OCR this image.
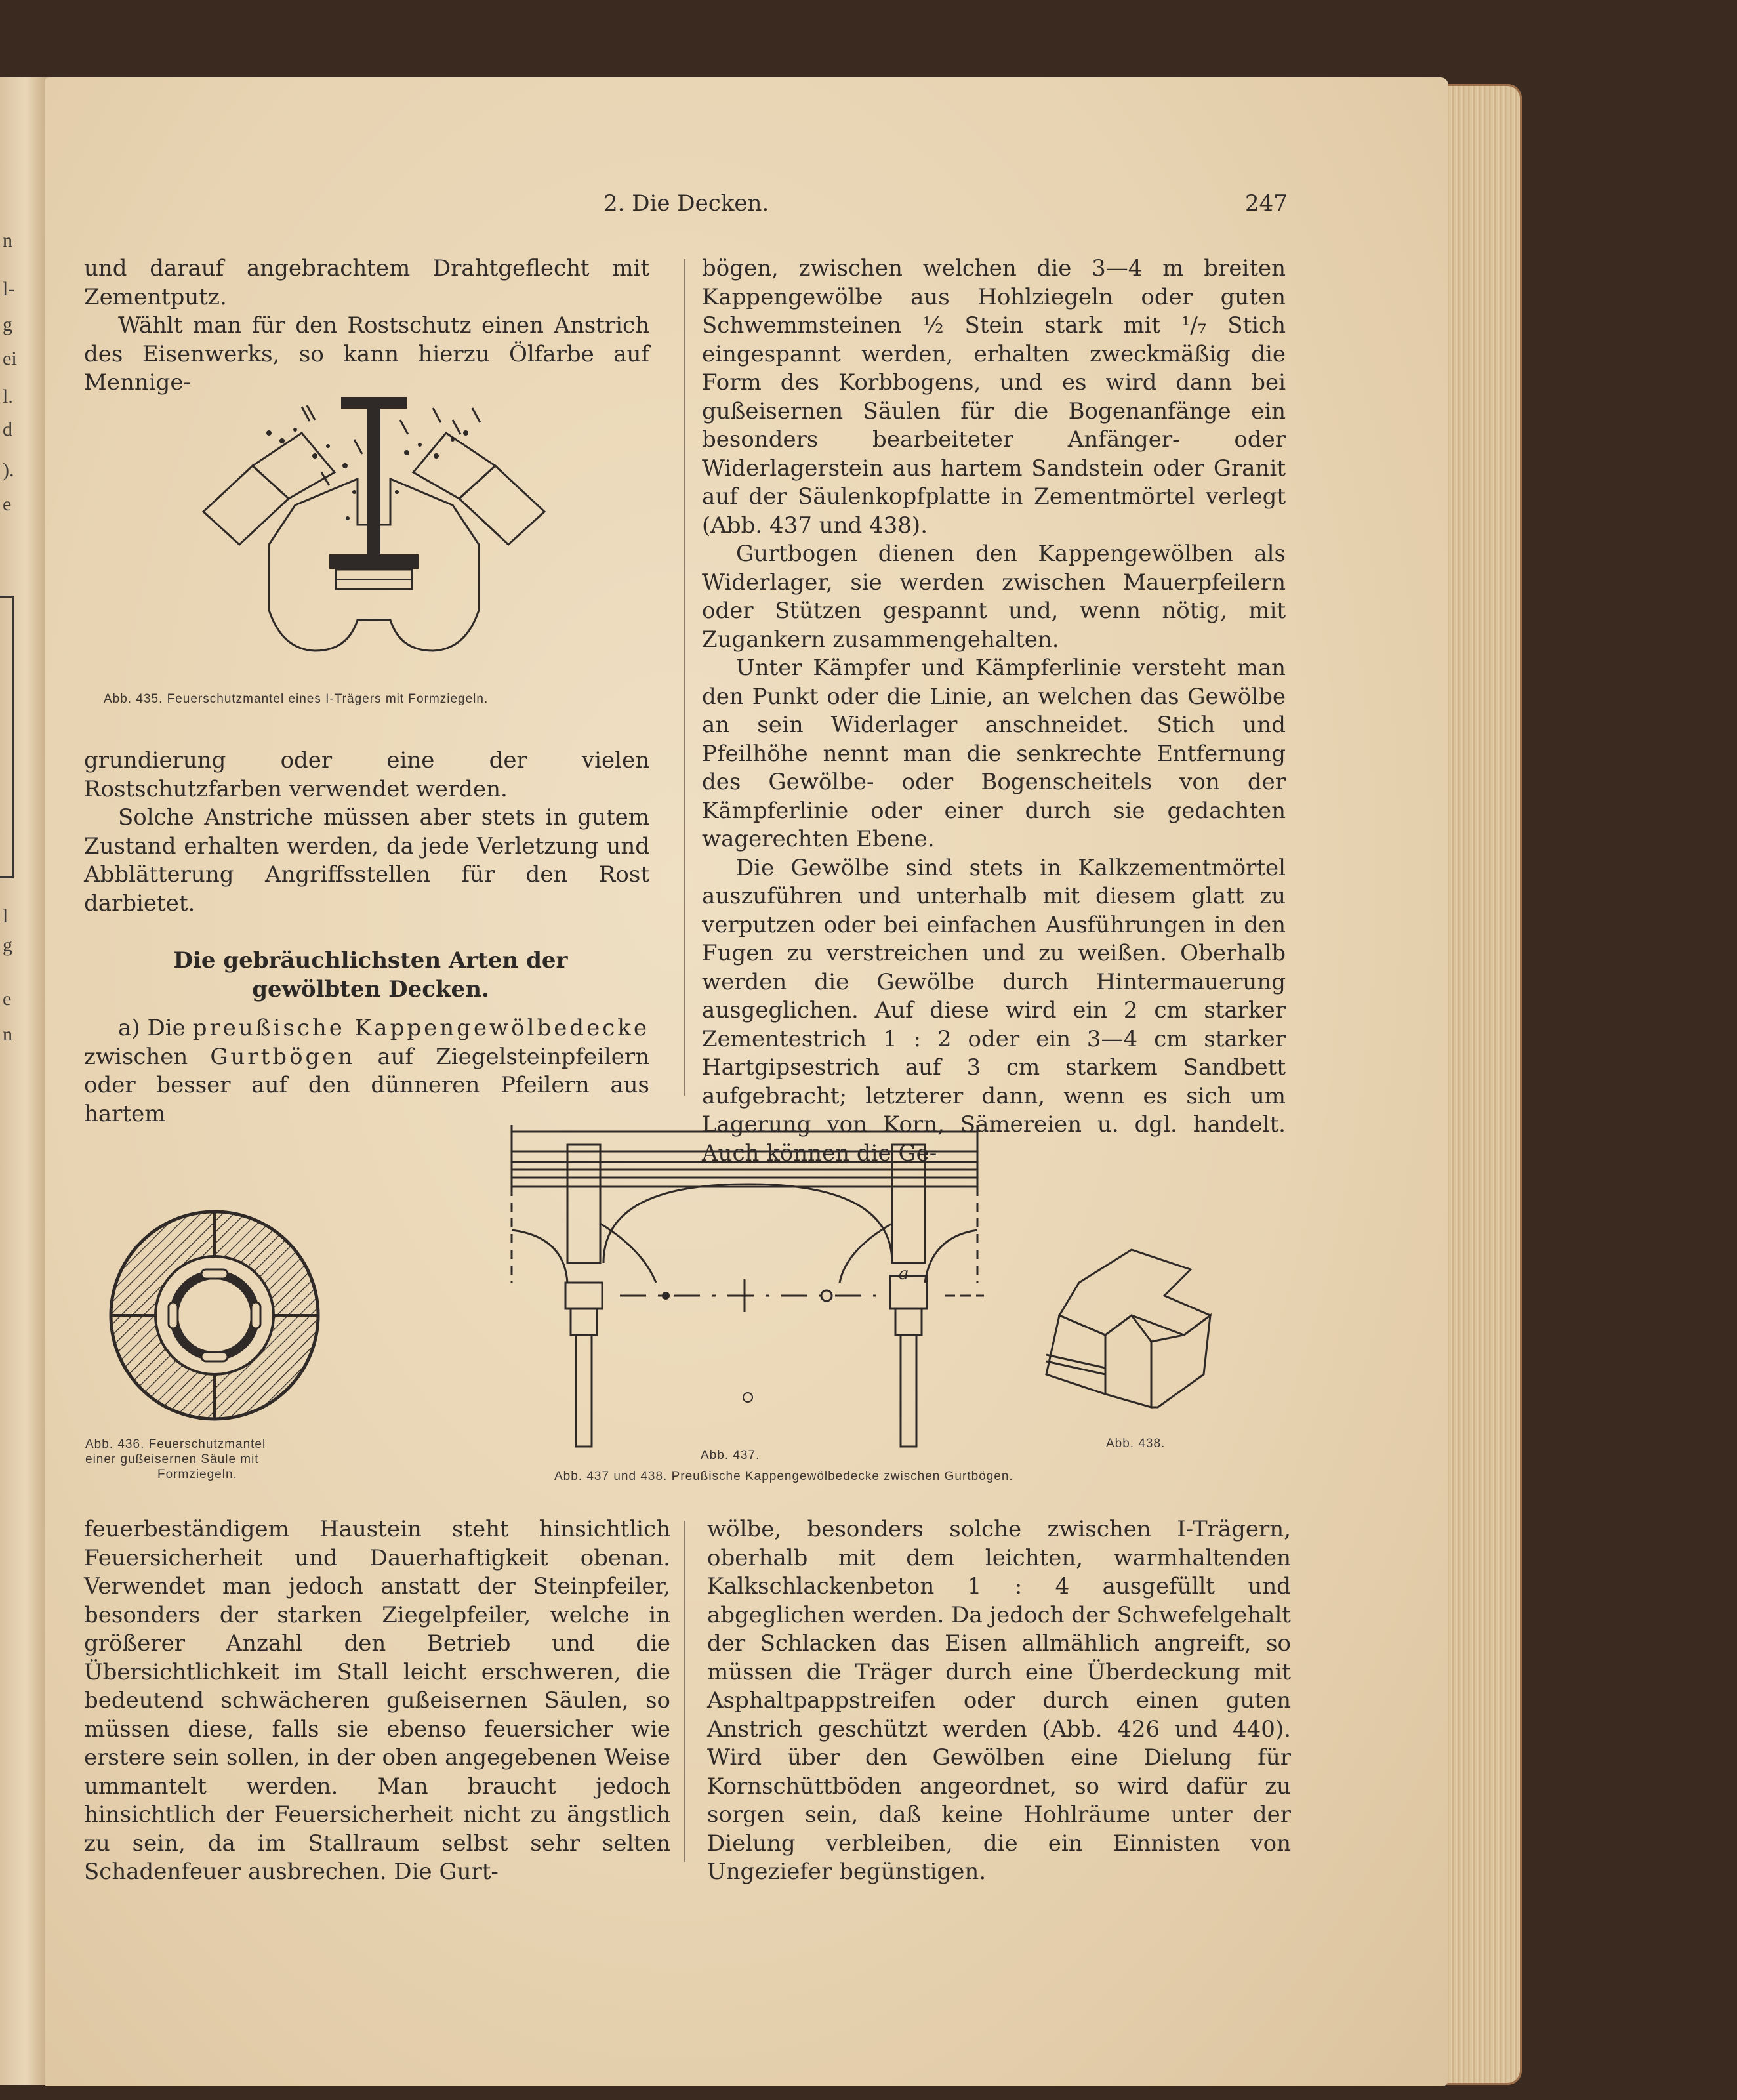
n
l-
g
ei
l.
d
).
e
l
g
e
n
2. Die Decken.	247

und darauf angebrachtem Drahtgeflecht mit Zementputz.

Wählt man für den Rostschutz einen Anstrich des Eisenwerks, so kann hierzu Ölfarbe auf Mennige-

Abb. 435. Feuerschutzmantel eines I-Trägers mit Formziegeln.

grundierung oder eine der vielen Rostschutzfarben verwendet werden.

Solche Anstriche müssen aber stets in gutem Zustand erhalten werden, da jede Verletzung und Abblätterung Angriffsstellen für den Rost darbietet.

Die gebräuchlichsten Arten der gewölbten Decken.

a) Die preußische Kappengewölbedecke zwischen Gurtbögen auf Ziegelsteinpfeilern oder besser auf den dünneren Pfeilern aus hartem

bögen, zwischen welchen die 3—4 m breiten Kappengewölbe aus Hohlziegeln oder guten Schwemmsteinen ½ Stein stark mit ¹/₇ Stich eingespannt werden, erhalten zweckmäßig die Form des Korbbogens, und es wird dann bei gußeisernen Säulen für die Bogenanfänge ein besonders bearbeiteter Anfänger- oder Widerlagerstein aus hartem Sandstein oder Granit auf der Säulenkopfplatte in Zementmörtel verlegt (Abb. 437 und 438).

Gurtbogen dienen den Kappengewölben als Widerlager, sie werden zwischen Mauerpfeilern oder Stützen gespannt und, wenn nötig, mit Zugankern zusammengehalten.

Unter Kämpfer und Kämpferlinie versteht man den Punkt oder die Linie, an welchen das Gewölbe an sein Widerlager anschneidet. Stich und Pfeilhöhe nennt man die senkrechte Entfernung des Gewölbe- oder Bogenscheitels von der Kämpferlinie oder einer durch sie gedachten wagerechten Ebene.

Die Gewölbe sind stets in Kalkzementmörtel auszuführen und unterhalb mit diesem glatt zu verputzen oder bei einfachen Ausführungen in den Fugen zu verstreichen und zu weißen. Oberhalb werden die Gewölbe durch Hintermauerung ausgeglichen. Auf diese wird ein 2 cm starker Zementestrich 1 : 2 oder ein 3—4 cm starker Hartgipsestrich auf 3 cm starkem Sandbett aufgebracht; letzterer dann, wenn es sich um Lagerung von Korn, Sämereien u. dgl. handelt. Auch können die Ge-

Abb. 436. Feuerschutzmantel
einer gußeisernen Säule mit
Formziegeln.
a
Abb. 437.
Abb. 438.
Abb. 437 und 438. Preußische Kappengewölbedecke zwischen Gurtbögen.

feuerbeständigem Haustein steht hinsichtlich Feuersicherheit und Dauerhaftigkeit obenan. Verwendet man jedoch anstatt der Steinpfeiler, besonders der starken Ziegelpfeiler, welche in größerer Anzahl den Betrieb und die Übersichtlichkeit im Stall leicht erschweren, die bedeutend schwächeren gußeisernen Säulen, so müssen diese, falls sie ebenso feuersicher wie erstere sein sollen, in der oben angegebenen Weise ummantelt werden. Man braucht jedoch hinsichtlich der Feuersicherheit nicht zu ängstlich zu sein, da im Stallraum selbst sehr selten Schadenfeuer ausbrechen. Die Gurt-

wölbe, besonders solche zwischen I-Trägern, oberhalb mit dem leichten, warmhaltenden Kalkschlackenbeton 1 : 4 ausgefüllt und abgeglichen werden. Da jedoch der Schwefelgehalt der Schlacken das Eisen allmählich angreift, so müssen die Träger durch eine Überdeckung mit Asphaltpappstreifen oder durch einen guten Anstrich geschützt werden (Abb. 426 und 440). Wird über den Gewölben eine Dielung für Kornschüttböden angeordnet, so wird dafür zu sorgen sein, daß keine Hohlräume unter der Dielung verbleiben, die ein Einnisten von Ungeziefer begünstigen.
